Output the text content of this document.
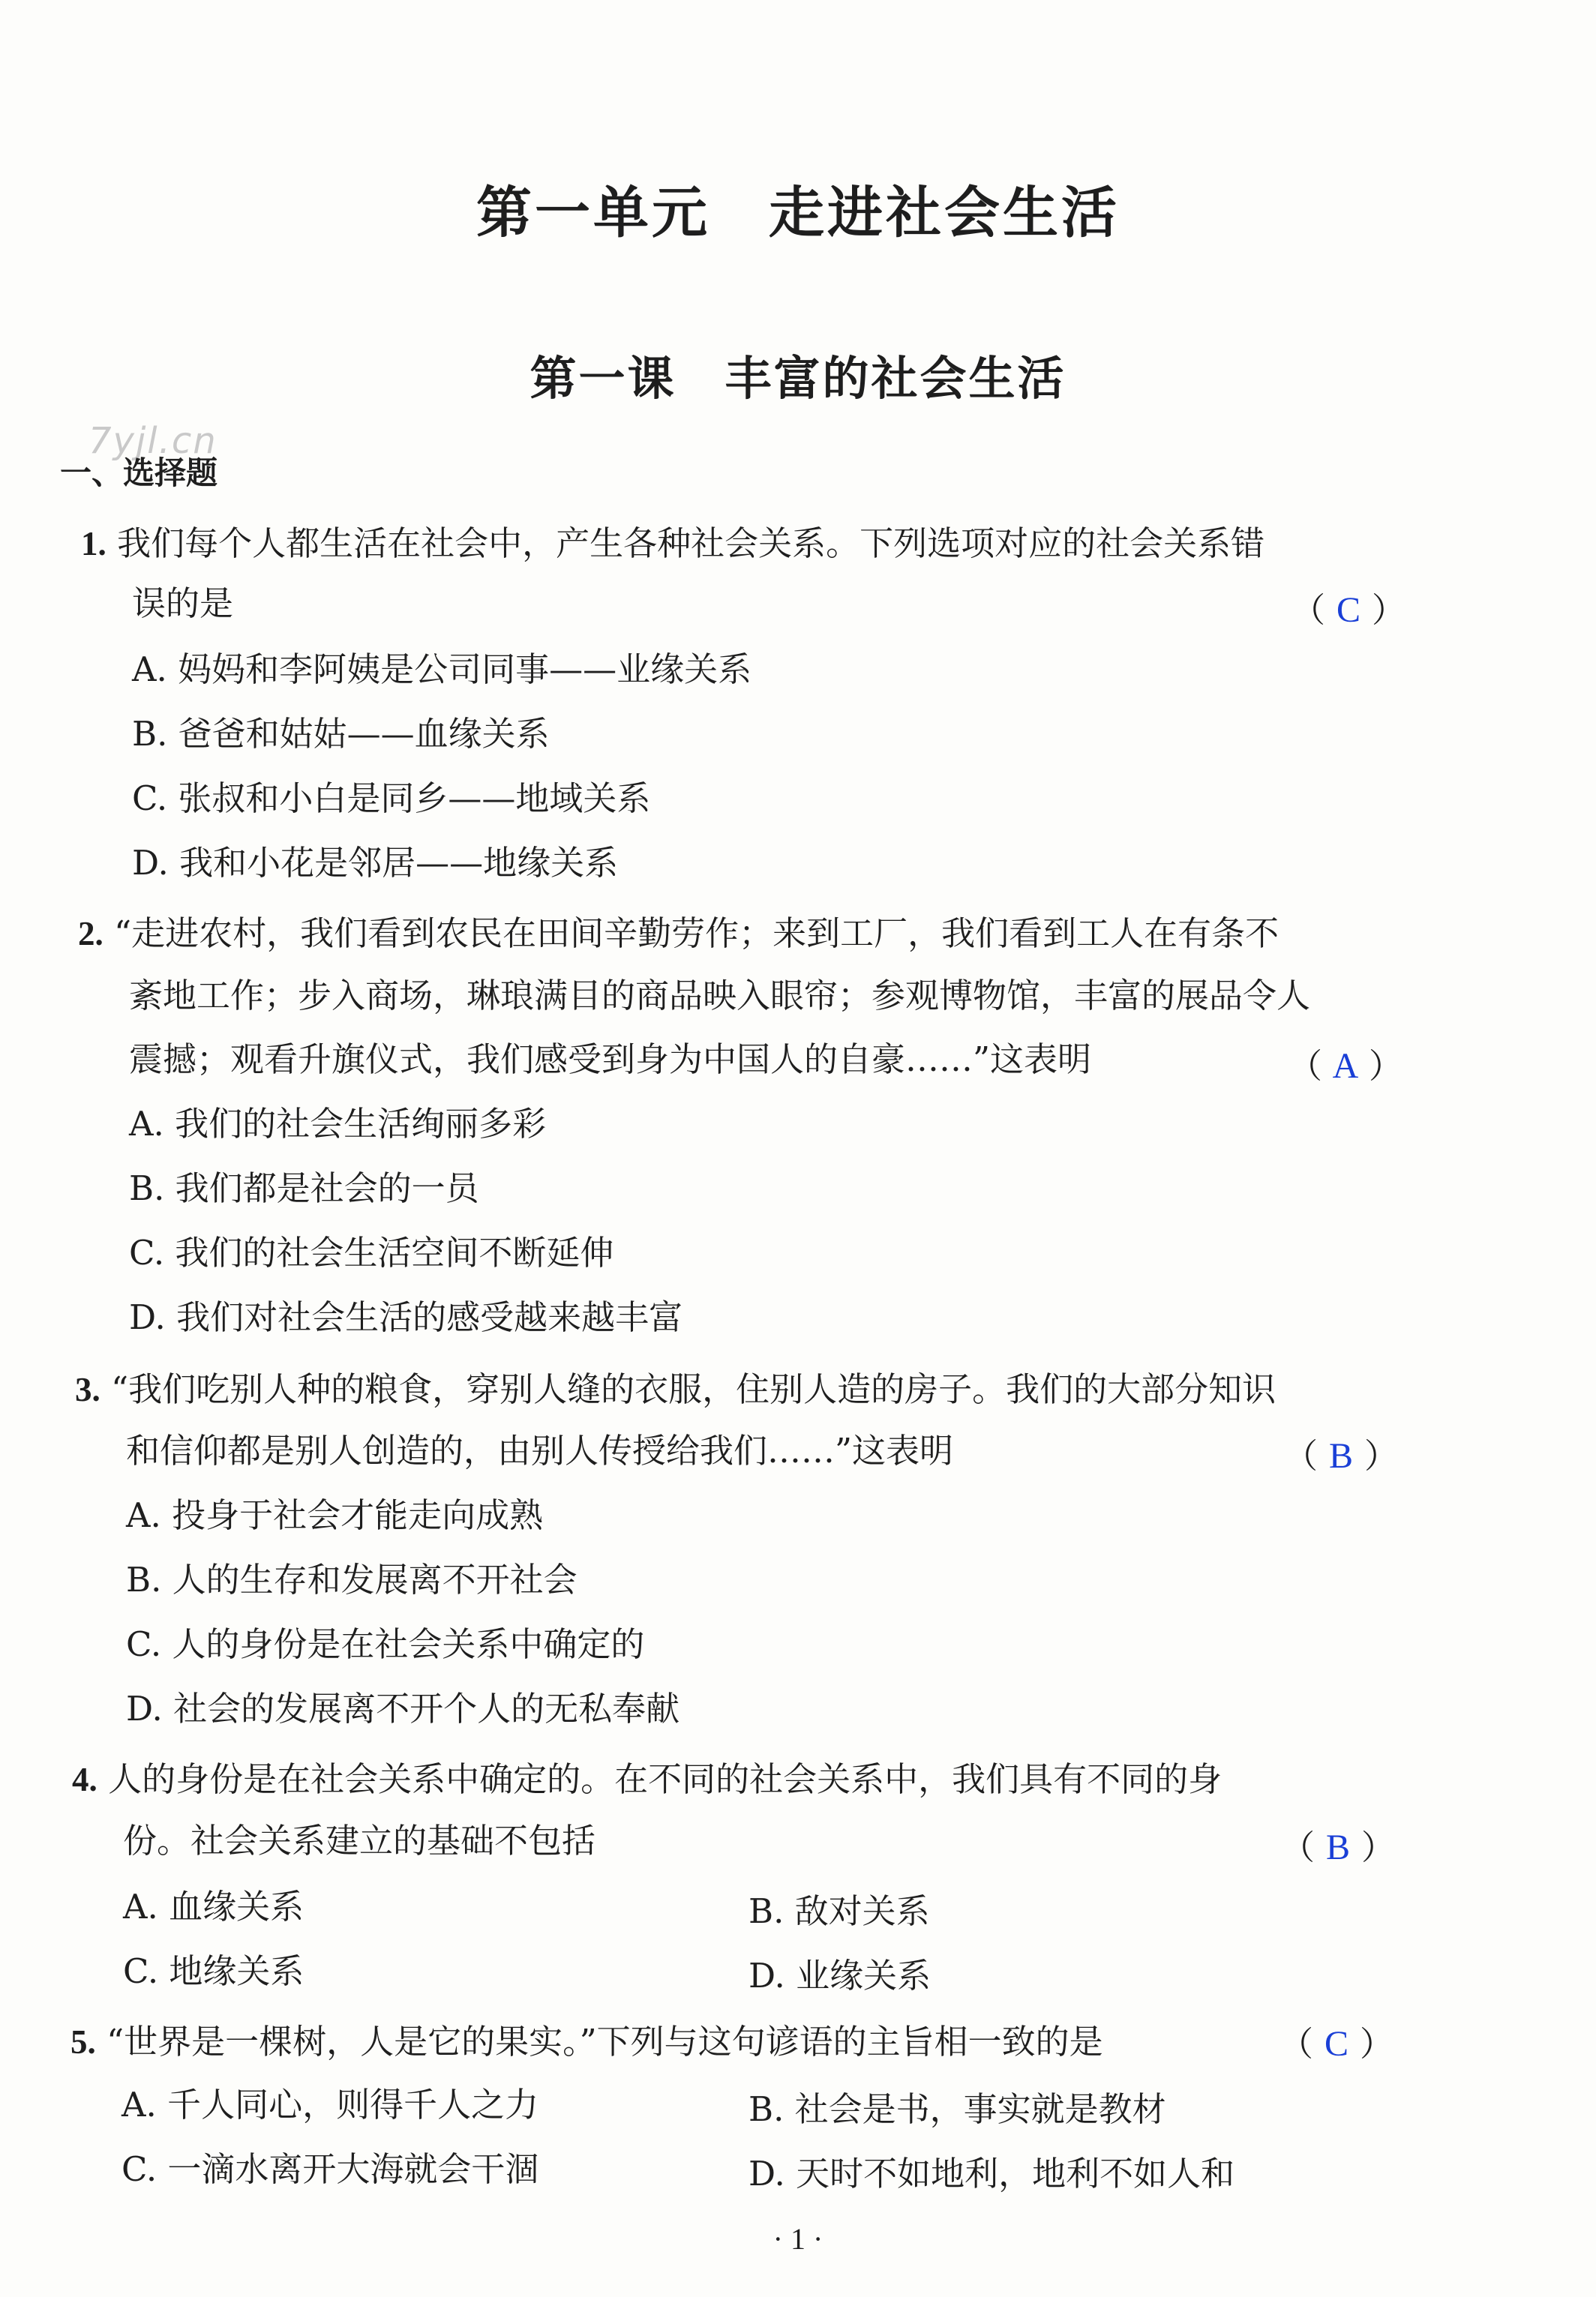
第一单元　走进社会生活
第一课　丰富的社会生活
7yjl.cn
一、选择题
1. 我们每个人都生活在社会中，产生各种社会关系。下列选项对应的社会关系错
误的是	（ C ）
A. 妈妈和李阿姨是公司同事——业缘关系
B. 爸爸和姑姑——血缘关系
C. 张叔和小白是同乡——地域关系
D. 我和小花是邻居——地缘关系
2. “走进农村，我们看到农民在田间辛勤劳作；来到工厂，我们看到工人在有条不
紊地工作；步入商场，琳琅满目的商品映入眼帘；参观博物馆，丰富的展品令人
震撼；观看升旗仪式，我们感受到身为中国人的自豪……”这表明	（ A ）
A. 我们的社会生活绚丽多彩
B. 我们都是社会的一员
C. 我们的社会生活空间不断延伸
D. 我们对社会生活的感受越来越丰富
3. “我们吃别人种的粮食，穿别人缝的衣服，住别人造的房子。我们的大部分知识
和信仰都是别人创造的，由别人传授给我们……”这表明	（ B ）
A. 投身于社会才能走向成熟
B. 人的生存和发展离不开社会
C. 人的身份是在社会关系中确定的
D. 社会的发展离不开个人的无私奉献
4. 人的身份是在社会关系中确定的。在不同的社会关系中，我们具有不同的身
份。社会关系建立的基础不包括	（ B ）
A. 血缘关系	B. 敌对关系
C. 地缘关系	D. 业缘关系
5. “世界是一棵树，人是它的果实。”下列与这句谚语的主旨相一致的是	（ C ）
A. 千人同心，则得千人之力	B. 社会是书，事实就是教材
C. 一滴水离开大海就会干涸	D. 天时不如地利，地利不如人和
· 1 ·
